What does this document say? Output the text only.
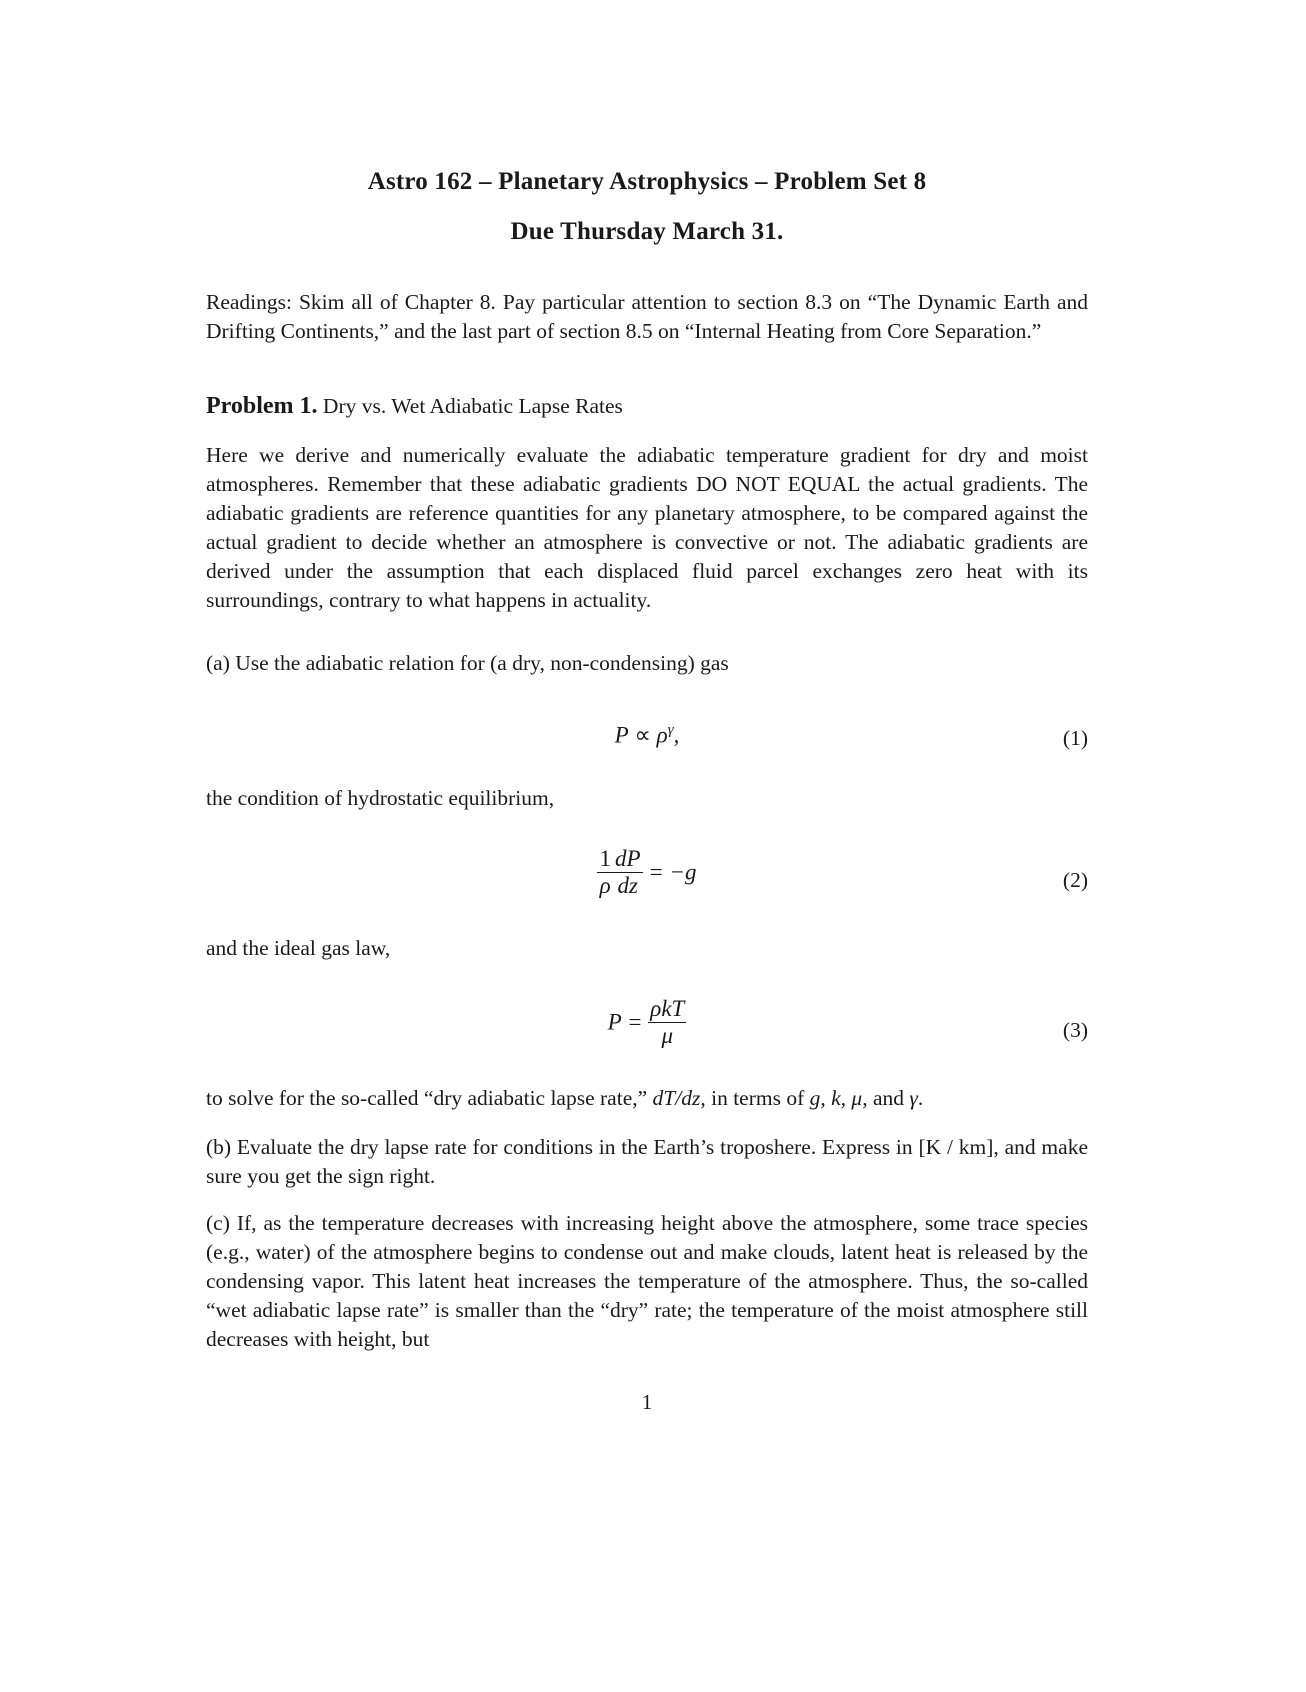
Astro 162 – Planetary Astrophysics – Problem Set 8
Due Thursday March 31.

Readings: Skim all of Chapter 8. Pay particular attention to section 8.3 on “The Dynamic Earth and Drifting Continents,” and the last part of section 8.5 on “Internal Heating from Core Separation.”

Problem 1. Dry vs. Wet Adiabatic Lapse Rates

Here we derive and numerically evaluate the adiabatic temperature gradient for dry and moist atmospheres. Remember that these adiabatic gradients DO NOT EQUAL the actual gradients. The adiabatic gradients are reference quantities for any planetary atmosphere, to be compared against the actual gradient to decide whether an atmosphere is convective or not. The adiabatic gradients are derived under the assumption that each displaced fluid parcel exchanges zero heat with its surroundings, contrary to what happens in actuality.

(a) Use the adiabatic relation for (a dry, non-condensing) gas

$P \propto \rho^\gamma$,	(1)

the condition of hydrostatic equilibrium,

$\frac{1}{\rho} \frac{dP}{dz} = -g$	(2)

and the ideal gas law,

$P = \frac{\text{ρkT}}{\mu}$	(3)

to solve for the so-called “dry adiabatic lapse rate,” dT/dz, in terms of g, k, μ, and γ.

(b) Evaluate the dry lapse rate for conditions in the Earth’s troposhere. Express in [K / km], and make sure you get the sign right.

(c) If, as the temperature decreases with increasing height above the atmosphere, some trace species (e.g., water) of the atmosphere begins to condense out and make clouds, latent heat is released by the condensing vapor. This latent heat increases the temperature of the atmosphere. Thus, the so-called “wet adiabatic lapse rate” is smaller than the “dry” rate; the temperature of the moist atmosphere still decreases with height, but

1
